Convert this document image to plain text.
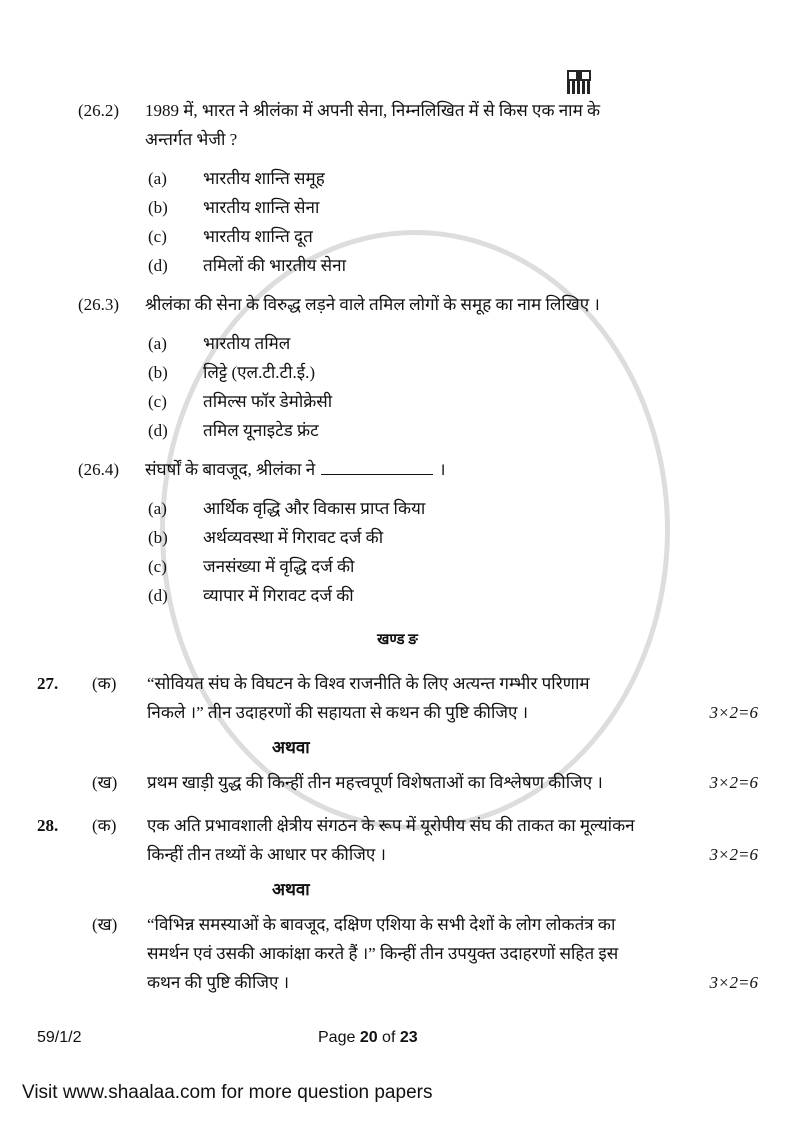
(26.2)	1989 में, भारत ने श्रीलंका में अपनी सेना, निम्नलिखित में से किस एक नाम के
अन्तर्गत भेजी ?
(a)	भारतीय शान्ति समूह
(b)	भारतीय शान्ति सेना
(c)	भारतीय शान्ति दूत
(d)	तमिलों की भारतीय सेना
(26.3)	श्रीलंका की सेना के विरुद्ध लड़ने वाले तमिल लोगों के समूह का नाम लिखिए ।
(a)	भारतीय तमिल
(b)	लिट्टे (एल.टी.टी.ई.)
(c)	तमिल्स फॉर डेमोक्रेसी
(d)	तमिल यूनाइटेड फ्रंट
(26.4)	संघर्षों के बावजूद, श्रीलंका ने	।
(a)	आर्थिक वृद्धि और विकास प्राप्त किया
(b)	अर्थव्यवस्था में गिरावट दर्ज की
(c)	जनसंख्या में वृद्धि दर्ज की
(d)	व्यापार में गिरावट दर्ज की
खण्ड ङ
27.	(क)	“सोवियत संघ के विघटन के विश्व राजनीति के लिए अत्यन्त गम्भीर परिणाम
निकले ।” तीन उदाहरणों की सहायता से कथन की पुष्टि कीजिए ।	3×2=6
अथवा
(ख)	प्रथम खाड़ी युद्ध की किन्हीं तीन महत्त्वपूर्ण विशेषताओं का विश्लेषण कीजिए ।	3×2=6
28.	(क)	एक अति प्रभावशाली क्षेत्रीय संगठन के रूप में यूरोपीय संघ की ताकत का मूल्यांकन
किन्हीं तीन तथ्यों के आधार पर कीजिए ।	3×2=6
अथवा
(ख)	“विभिन्न समस्याओं के बावजूद, दक्षिण एशिया के सभी देशों के लोग लोकतंत्र का
समर्थन एवं उसकी आकांक्षा करते हैं ।” किन्हीं तीन उपयुक्त उदाहरणों सहित इस
कथन की पुष्टि कीजिए ।	3×2=6
59/1/2	Page 20 of 23
Visit www.shaalaa.com for more question papers
